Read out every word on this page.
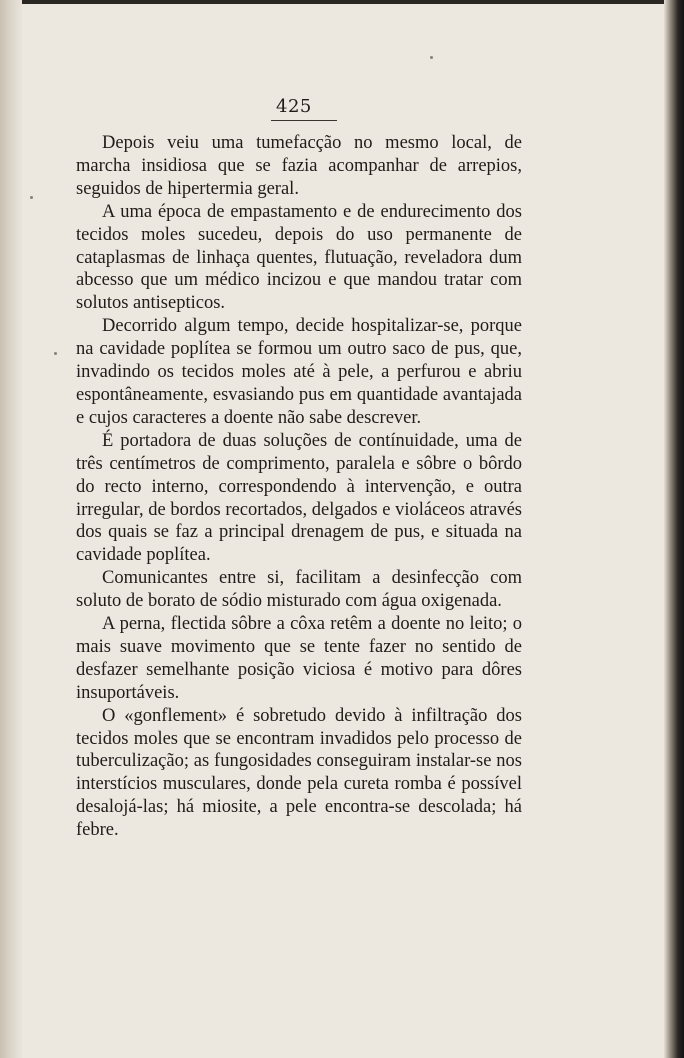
425

Depois veiu uma tumefacção no mesmo local, de marcha insidiosa que se fazia acompanhar de arrepios, seguidos de hipertermia geral.

A uma época de empastamento e de endurecimento dos tecidos moles sucedeu, depois do uso permanente de cataplasmas de linhaça quentes, flutuação, reveladora dum abcesso que um médico incizou e que mandou tratar com solutos antisepticos.

Decorrido algum tempo, decide hospitalizar-se, porque na cavidade poplítea se formou um outro saco de pus, que, invadindo os tecidos moles até à pele, a perfurou e abriu espontâneamente, esvasiando pus em quantidade avantajada e cujos caracteres a doente não sabe descrever.

É portadora de duas soluções de contínuidade, uma de três centímetros de comprimento, paralela e sôbre o bôrdo do recto interno, correspondendo à intervenção, e outra irregular, de bordos recortados, delgados e violáceos através dos quais se faz a principal drenagem de pus, e situada na cavidade poplítea.

Comunicantes entre si, facilitam a desinfecção com soluto de borato de sódio misturado com água oxigenada.

A perna, flectida sôbre a côxa retêm a doente no leito; o mais suave movimento que se tente fazer no sentido de desfazer semelhante posição viciosa é motivo para dôres insuportáveis.

O «gonflement» é sobretudo devido à infiltração dos tecidos moles que se encontram invadidos pelo processo de tuberculização; as fungosidades conseguiram instalar-se nos interstícios musculares, donde pela cureta romba é possível desalojá-las; há miosite, a pele encontra-se descolada; há febre.
